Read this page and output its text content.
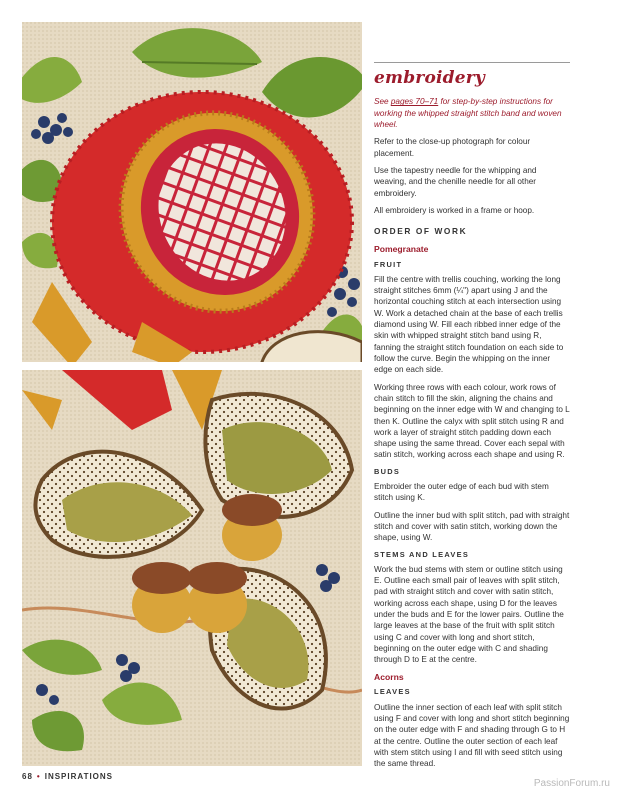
embroidery

See pages 70–71 for step-by-step instructions for working the whipped straight stitch band and woven wheel.

Refer to the close-up photograph for colour placement.

Use the tapestry needle for the whipping and weaving, and the chenille needle for all other embroidery.

All embroidery is worked in a frame or hoop.

ORDER OF WORK
Pomegranate
FRUIT

Fill the centre with trellis couching, working the long straight stitches 6mm (¼") apart using J and the horizontal couching stitch at each intersection using W. Work a detached chain at the base of each trellis diamond using W. Fill each ribbed inner edge of the skin with whipped straight stitch band using R, fanning the straight stitch foundation on each side to follow the curve. Begin the whipping on the inner edge on each side.

Working three rows with each colour, work rows of chain stitch to fill the skin, aligning the chains and beginning on the inner edge with W and changing to L then K. Outline the calyx with split stitch using R and work a layer of straight stitch padding down each shape using the same thread. Cover each sepal with satin stitch, working across each shape and using R.

BUDS

Embroider the outer edge of each bud with stem stitch using K.

Outline the inner bud with split stitch, pad with straight stitch and cover with satin stitch, working down the shape, using W.

STEMS AND LEAVES

Work the bud stems with stem or outline stitch using E. Outline each small pair of leaves with split stitch, pad with straight stitch and cover with satin stitch, working across each shape, using D for the leaves under the buds and E for the lower pairs. Outline the large leaves at the base of the fruit with split stitch using C and cover with long and short stitch, beginning on the outer edge with C and shading through D to E at the centre.

Acorns
LEAVES

Outline the inner section of each leaf with split stitch using F and cover with long and short stitch beginning on the outer edge with F and shading through G to H at the centre. Outline the outer section of each leaf with stem stitch using I and fill with seed stitch using the same thread.

68 • INSPIRATIONS
PassionForum.ru
